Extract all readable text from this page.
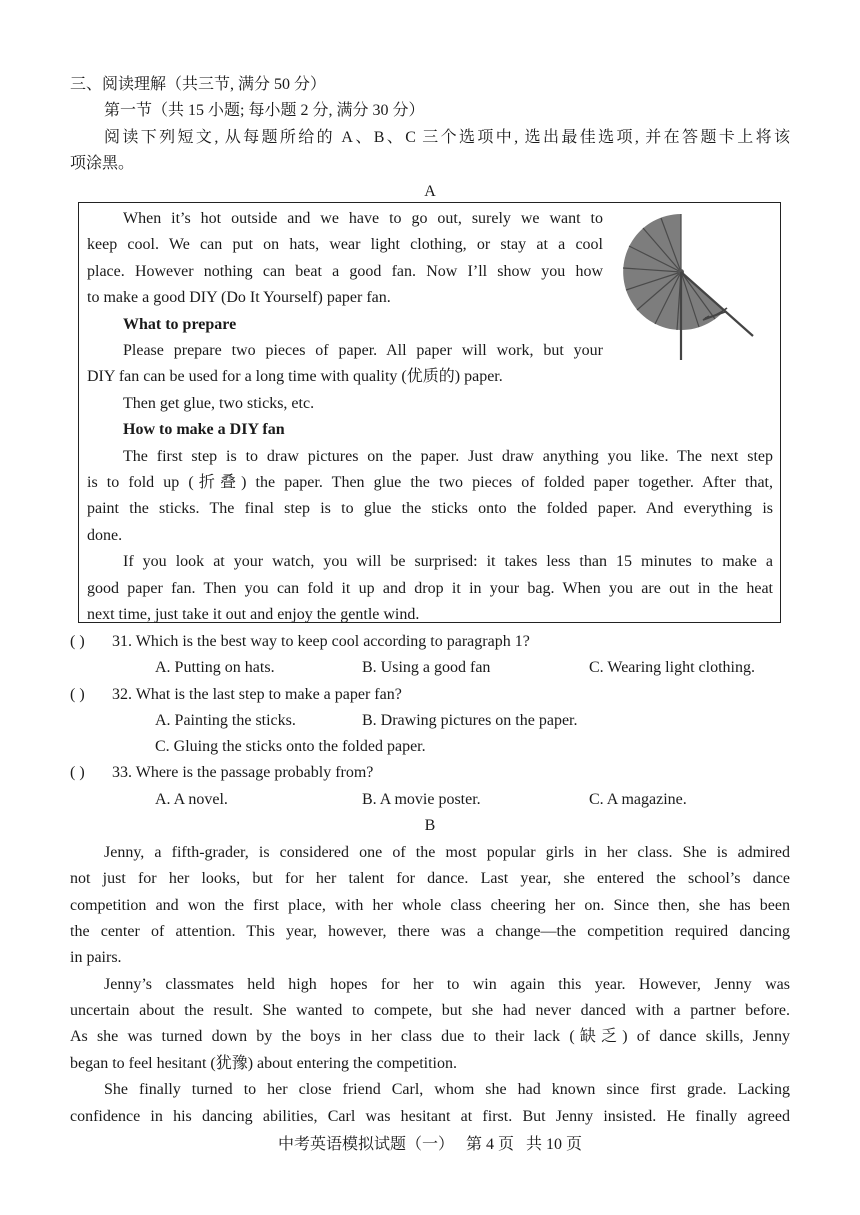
三、阅读理解（共三节, 满分 50 分）
第一节（共 15 小题; 每小题 2 分, 满分 30 分）
阅读下列短文, 从每题所给的 A、B、C 三个选项中, 选出最佳选项, 并在答题卡上将该
项涂黑。
A
When it’s hot outside and we have to go out, surely we want to
keep cool. We can put on hats, wear light clothing, or stay at a cool
place. However nothing can beat a good fan. Now I’ll show you how
to make a good DIY (Do It Yourself) paper fan.
What to prepare
Please prepare two pieces of paper. All paper will work, but your
DIY fan can be used for a long time with quality (优质的) paper.
Then get glue, two sticks, etc.
How to make a DIY fan
The first step is to draw pictures on the paper. Just draw anything you like. The next step
is to fold up (折叠) the paper. Then glue the two pieces of folded paper together. After that,
paint the sticks. The final step is to glue the sticks onto the folded paper. And everything is
done.
If you look at your watch, you will be surprised: it takes less than 15 minutes to make a
good paper fan. Then you can fold it up and drop it in your bag. When you are out in the heat
next time, just take it out and enjoy the gentle wind.
( ) 31. Which is the best way to keep cool according to paragraph 1?
A. Putting on hats.	B. Using a good fan	C. Wearing light clothing.
( ) 32. What is the last step to make a paper fan?
A. Painting the sticks.	B. Drawing pictures on the paper.
C. Gluing the sticks onto the folded paper.
( ) 33. Where is the passage probably from?
A. A novel.	B. A movie poster.	C. A magazine.
B
Jenny, a fifth-grader, is considered one of the most popular girls in her class. She is admired
not just for her looks, but for her talent for dance. Last year, she entered the school’s dance
competition and won the first place, with her whole class cheering her on. Since then, she has been
the center of attention. This year, however, there was a change—the competition required dancing
in pairs.
Jenny’s classmates held high hopes for her to win again this year. However, Jenny was
uncertain about the result. She wanted to compete, but she had never danced with a partner before.
As she was turned down by the boys in her class due to their lack (缺乏) of dance skills, Jenny
began to feel hesitant (犹豫) about entering the competition.
She finally turned to her close friend Carl, whom she had known since first grade. Lacking
confidence in his dancing abilities, Carl was hesitant at first. But Jenny insisted. He finally agreed
中考英语模拟试题（一）   第 4 页   共 10 页
